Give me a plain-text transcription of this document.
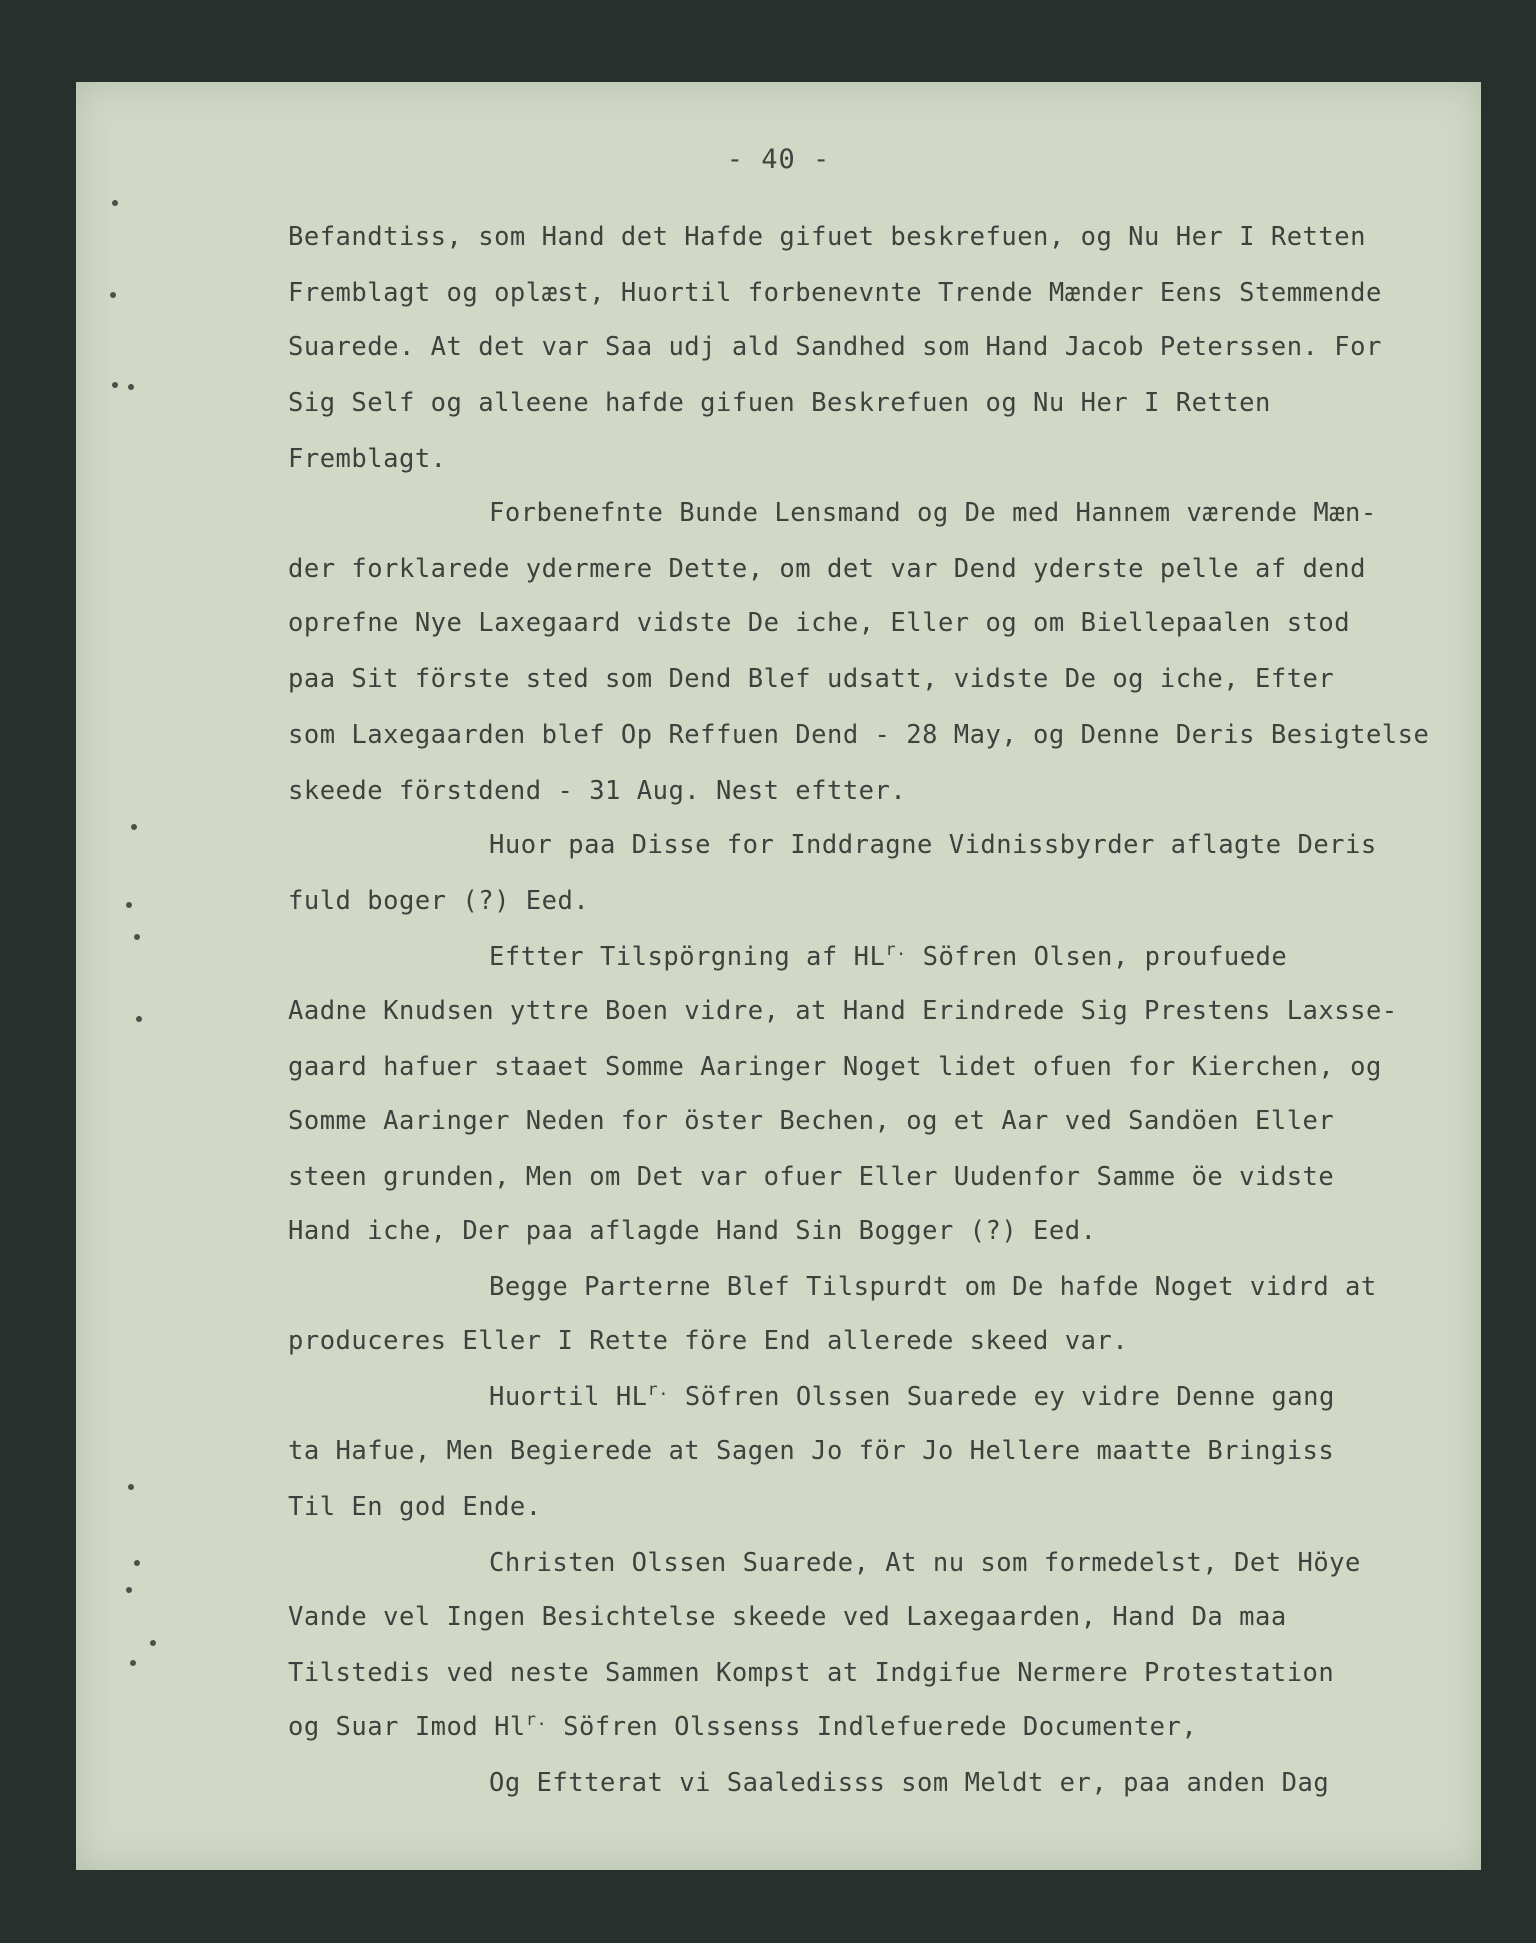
- 40 -
Befandtiss, som Hand det Hafde gifuet beskrefuen, og Nu Her I Retten
Fremblagt og oplæst, Huortil forbenevnte Trende Mænder Eens Stemmende
Suarede. At det var Saa udj ald Sandhed som Hand Jacob Peterssen. For
Sig Self og alleene hafde gifuen Beskrefuen og Nu Her I Retten
Fremblagt.
Forbenefnte Bunde Lensmand og De med Hannem værende Mæn-
der forklarede ydermere Dette, om det var Dend yderste pelle af dend
oprefne Nye Laxegaard vidste De iche, Eller og om Biellepaalen stod
paa Sit förste sted som Dend Blef udsatt, vidste De og iche, Efter
som Laxegaarden blef Op Reffuen Dend - 28 May, og Denne Deris Besigtelse
skeede förstdend - 31 Aug. Nest eftter.
Huor paa Disse for Inddragne Vidnissbyrder aflagte Deris
fuld boger (?) Eed.
Eftter Tilspörgning af $HL^{r.}$ Söfren Olsen, proufuede
Aadne Knudsen yttre Boen vidre, at Hand Erindrede Sig Prestens Laxsse-
gaard hafuer staaet Somme Aaringer Noget lidet ofuen for Kierchen, og
Somme Aaringer Neden for öster Bechen, og et Aar ved Sandöen Eller
steen grunden, Men om Det var ofuer Eller Uudenfor Samme öe vidste
Hand iche, Der paa aflagde Hand Sin Bogger (?) Eed.
Begge Parterne Blef Tilspurdt om De hafde Noget vidrd at
produceres Eller I Rette före End allerede skeed var.
Huortil $HL^{r.}$ Söfren Olssen Suarede ey vidre Denne gang
ta Hafue, Men Begierede at Sagen Jo för Jo Hellere maatte Bringiss
Til En god Ende.
Christen Olssen Suarede, At nu som formedelst, Det Höye
Vande vel Ingen Besichtelse skeede ved Laxegaarden, Hand Da maa
Tilstedis ved neste Sammen Kompst at Indgifue Nermere Protestation
og Suar Imod $Hl^{r.}$ Söfren Olssenss Indlefuerede Documenter,
Og Eftterat vi Saaledisss som Meldt er, paa anden Dag
